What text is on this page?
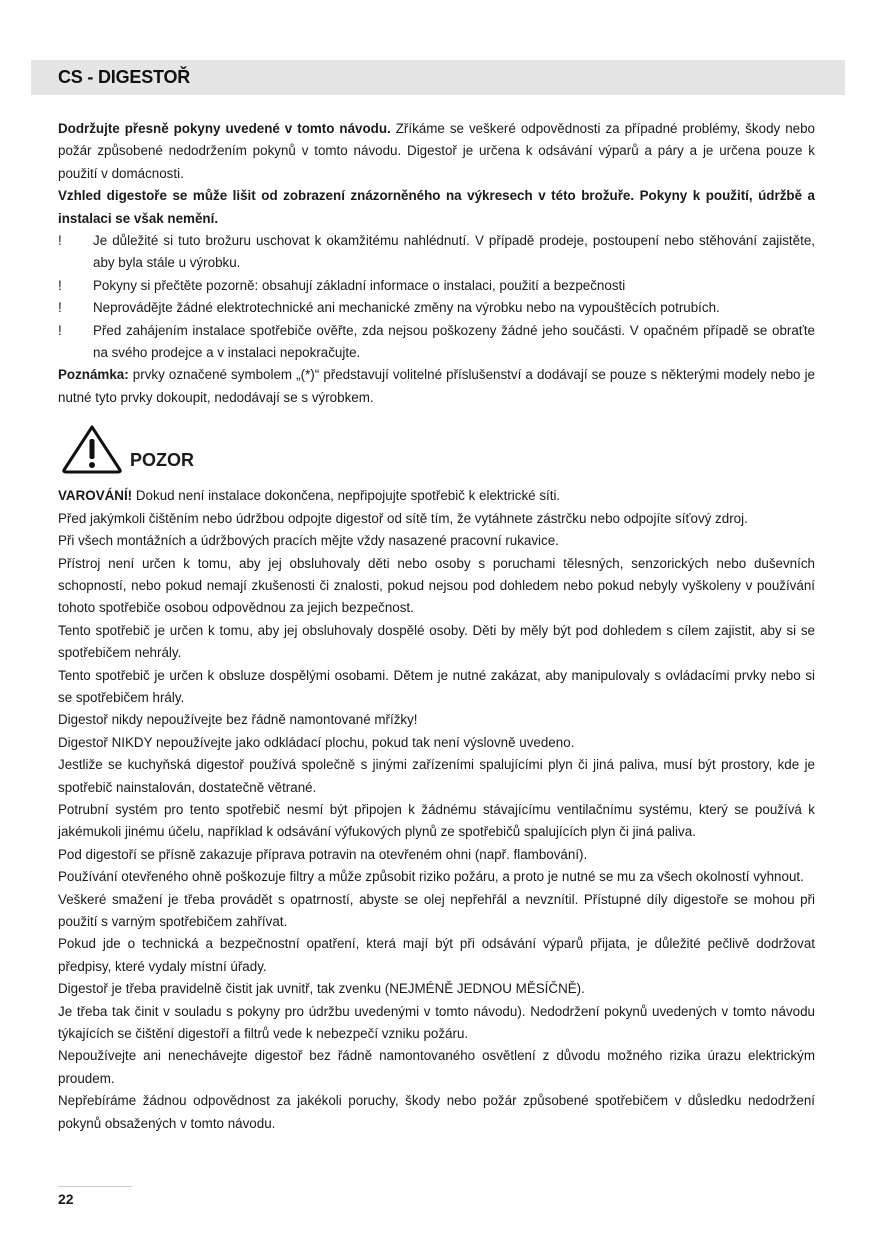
CS - DIGESTOŘ

Dodržujte přesně pokyny uvedené v tomto návodu. Zříkáme se veškeré odpovědnosti za případné problémy, škody nebo požár způsobené nedodržením pokynů v tomto návodu. Digestoř je určena k odsávání výparů a páry a je určena pouze k použití v domácnosti.

Vzhled digestoře se může lišit od zobrazení znázorněného na výkresech v této brožuře. Pokyny k použití, údržbě a instalaci se však nemění.

! Je důležité si tuto brožuru uschovat k okamžitému nahlédnutí. V případě prodeje, postoupení nebo stěhování zajistěte, aby byla stále u výrobku.
! Pokyny si přečtěte pozorně: obsahují základní informace o instalaci, použití a bezpečnosti
! Neprovádějte žádné elektrotechnické ani mechanické změny na výrobku nebo na vypouštěcích potrubích.
! Před zahájením instalace spotřebiče ověřte, zda nejsou poškozeny žádné jeho součásti. V opačném případě se obraťte na svého prodejce a v instalaci nepokračujte.

Poznámka: prvky označené symbolem „(*)“ představují volitelné příslušenství a dodávají se pouze s některými modely nebo je nutné tyto prvky dokoupit, nedodávají se s výrobkem.

POZOR

VAROVÁNÍ! Dokud není instalace dokončena, nepřipojujte spotřebič k elektrické síti.

Před jakýmkoli čištěním nebo údržbou odpojte digestoř od sítě tím, že vytáhnete zástrčku nebo odpojíte síťový zdroj.

Při všech montážních a údržbových pracích mějte vždy nasazené pracovní rukavice.

Přístroj není určen k tomu, aby jej obsluhovaly děti nebo osoby s poruchami tělesných, senzorických nebo duševních schopností, nebo pokud nemají zkušenosti či znalosti, pokud nejsou pod dohledem nebo pokud nebyly vyškoleny v používání tohoto spotřebiče osobou odpovědnou za jejich bezpečnost.

Tento spotřebič je určen k tomu, aby jej obsluhovaly dospělé osoby. Děti by měly být pod dohledem s cílem zajistit, aby si se spotřebičem nehrály.

Tento spotřebič je určen k obsluze dospělými osobami. Dětem je nutné zakázat, aby manipulovaly s ovládacími prvky nebo si se spotřebičem hrály.

Digestoř nikdy nepoužívejte bez řádně namontované mřížky!

Digestoř NIKDY nepoužívejte jako odkládací plochu, pokud tak není výslovně uvedeno.

Jestliže se kuchyňská digestoř používá společně s jinými zařízeními spalujícími plyn či jiná paliva, musí být prostory, kde je spotřebič nainstalován, dostatečně větrané.

Potrubní systém pro tento spotřebič nesmí být připojen k žádnému stávajícímu ventilačnímu systému, který se používá k jakémukoli jinému účelu, například k odsávání výfukových plynů ze spotřebičů spalujících plyn či jiná paliva.

Pod digestoří se přísně zakazuje příprava potravin na otevřeném ohni (např. flambování).

Používání otevřeného ohně poškozuje filtry a může způsobit riziko požáru, a proto je nutné se mu za všech okolností vyhnout.

Veškeré smažení je třeba provádět s opatrností, abyste se olej nepřehřál a nevznítil. Přístupné díly digestoře se mohou při použití s varným spotřebičem zahřívat.

Pokud jde o technická a bezpečnostní opatření, která mají být při odsávání výparů přijata, je důležité pečlivě dodržovat předpisy, které vydaly místní úřady.

Digestoř je třeba pravidelně čistit jak uvnitř, tak zvenku (NEJMÉNĚ JEDNOU MĚSÍČNĚ).

Je třeba tak činit v souladu s pokyny pro údržbu uvedenými v tomto návodu). Nedodržení pokynů uvedených v tomto návodu týkajících se čištění digestoří a filtrů vede k nebezpečí vzniku požáru.

Nepoužívejte ani nenechávejte digestoř bez řádně namontovaného osvětlení z důvodu možného rizika úrazu elektrickým proudem.

Nepřebíráme žádnou odpovědnost za jakékoli poruchy, škody nebo požár způsobené spotřebičem v důsledku nedodržení pokynů obsažených v tomto návodu.

22
